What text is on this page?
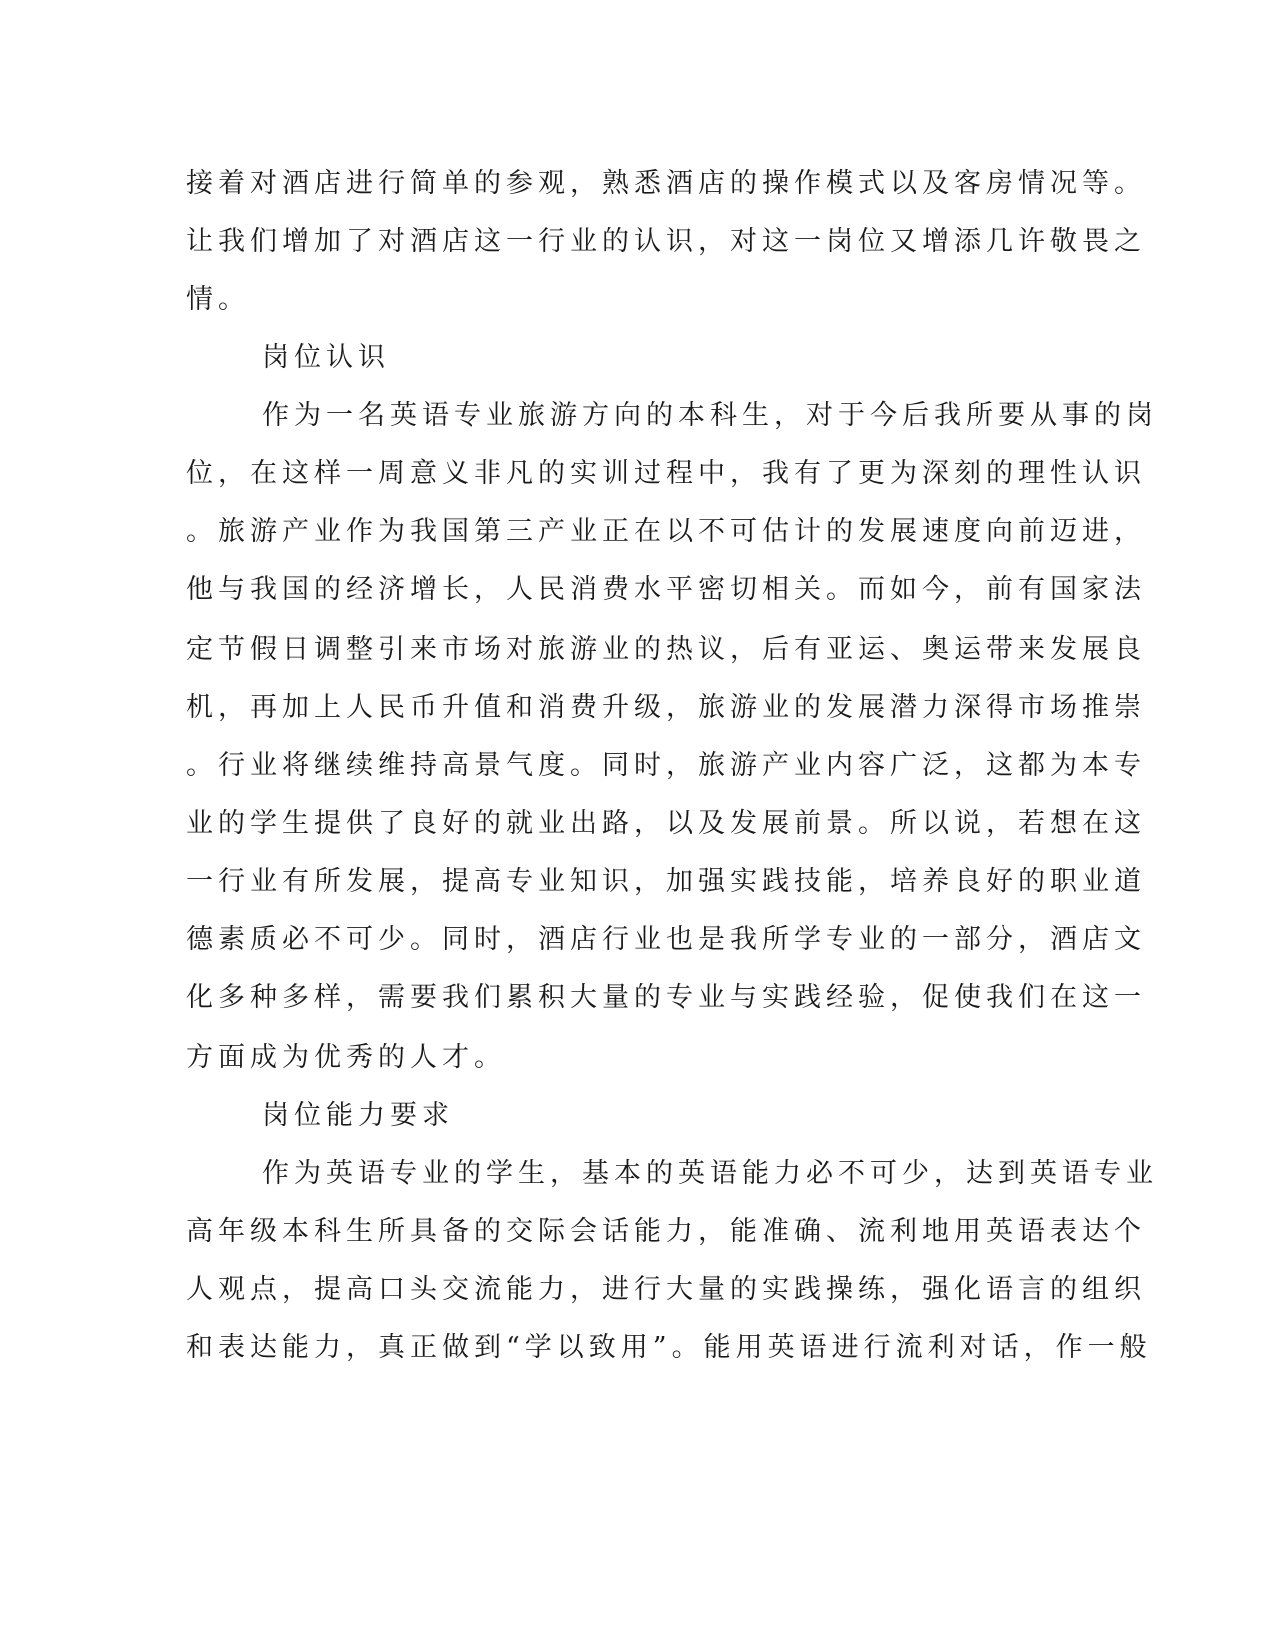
接着对酒店进行简单的参观，熟悉酒店的操作模式以及客房情况等。
让我们增加了对酒店这一行业的认识，对这一岗位又增添几许敬畏之
情。
岗位认识
作为一名英语专业旅游方向的本科生，对于今后我所要从事的岗
位，在这样一周意义非凡的实训过程中，我有了更为深刻的理性认识
。旅游产业作为我国第三产业正在以不可估计的发展速度向前迈进，
他与我国的经济增长，人民消费水平密切相关。而如今，前有国家法
定节假日调整引来市场对旅游业的热议，后有亚运、奥运带来发展良
机，再加上人民币升值和消费升级，旅游业的发展潜力深得市场推崇
。行业将继续维持高景气度。同时，旅游产业内容广泛，这都为本专
业的学生提供了良好的就业出路，以及发展前景。所以说，若想在这
一行业有所发展，提高专业知识，加强实践技能，培养良好的职业道
德素质必不可少。同时，酒店行业也是我所学专业的一部分，酒店文
化多种多样，需要我们累积大量的专业与实践经验，促使我们在这一
方面成为优秀的人才。
岗位能力要求
作为英语专业的学生，基本的英语能力必不可少，达到英语专业
高年级本科生所具备的交际会话能力，能准确、流利地用英语表达个
人观点，提高口头交流能力，进行大量的实践操练，强化语言的组织
和表达能力，真正做到“学以致用”。能用英语进行流利对话，作一般
